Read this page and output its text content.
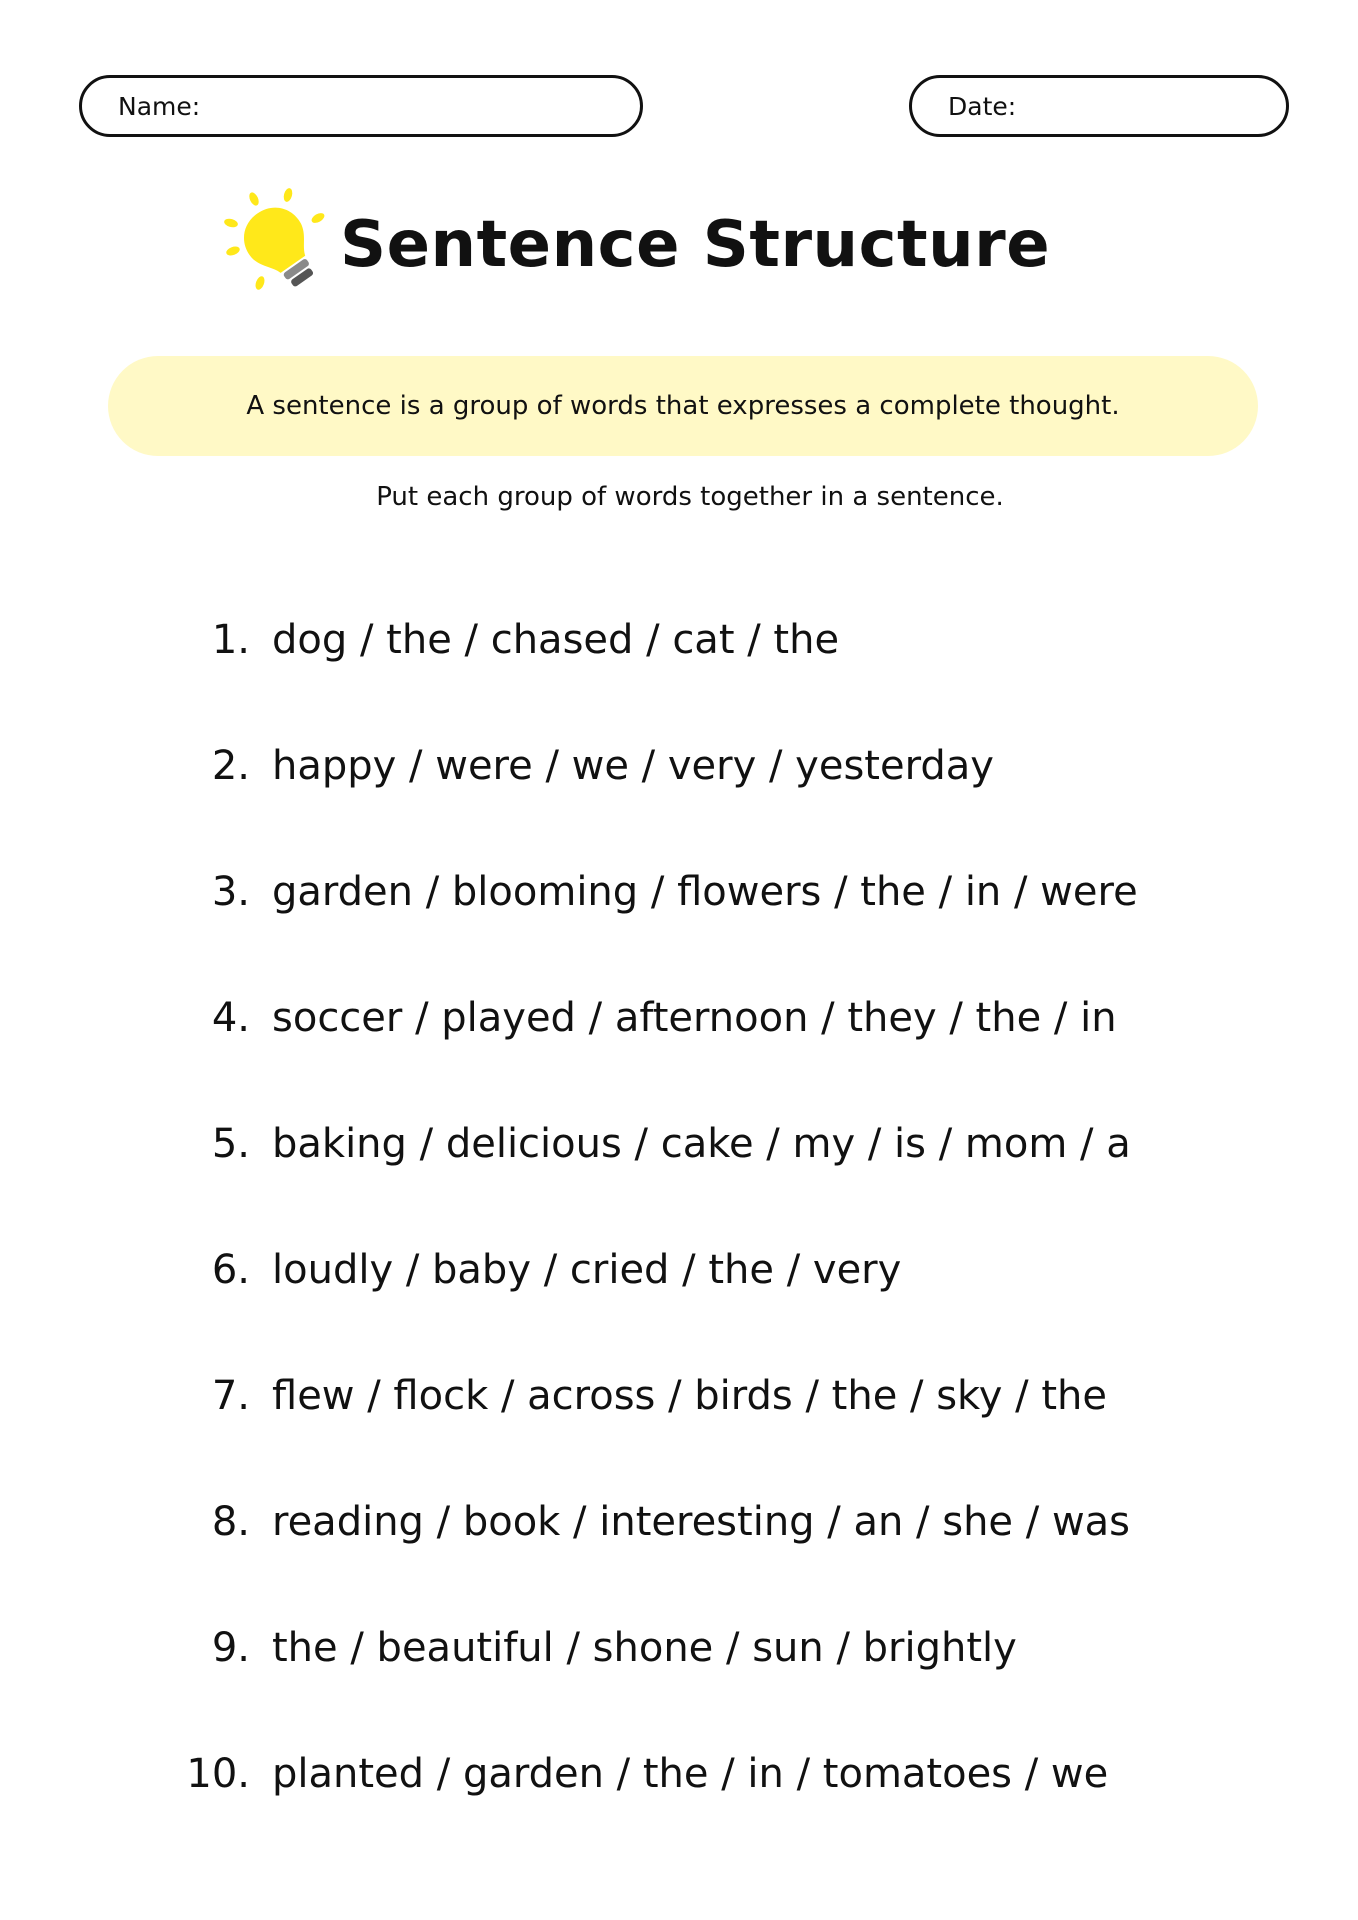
Name:	Date:
Sentence Structure
A sentence is a group of words that expresses a complete thought.
Put each group of words together in a sentence.
1. dog / the / chased / cat / the
2. happy / were / we / very / yesterday
3. garden / blooming / flowers / the / in / were
4. soccer / played / afternoon / they / the / in
5. baking / delicious / cake / my / is / mom / a
6. loudly / baby / cried / the / very
7. flew / flock / across / birds / the / sky / the
8. reading / book / interesting / an / she / was
9. the / beautiful / shone / sun / brightly
10. planted / garden / the / in / tomatoes / we
